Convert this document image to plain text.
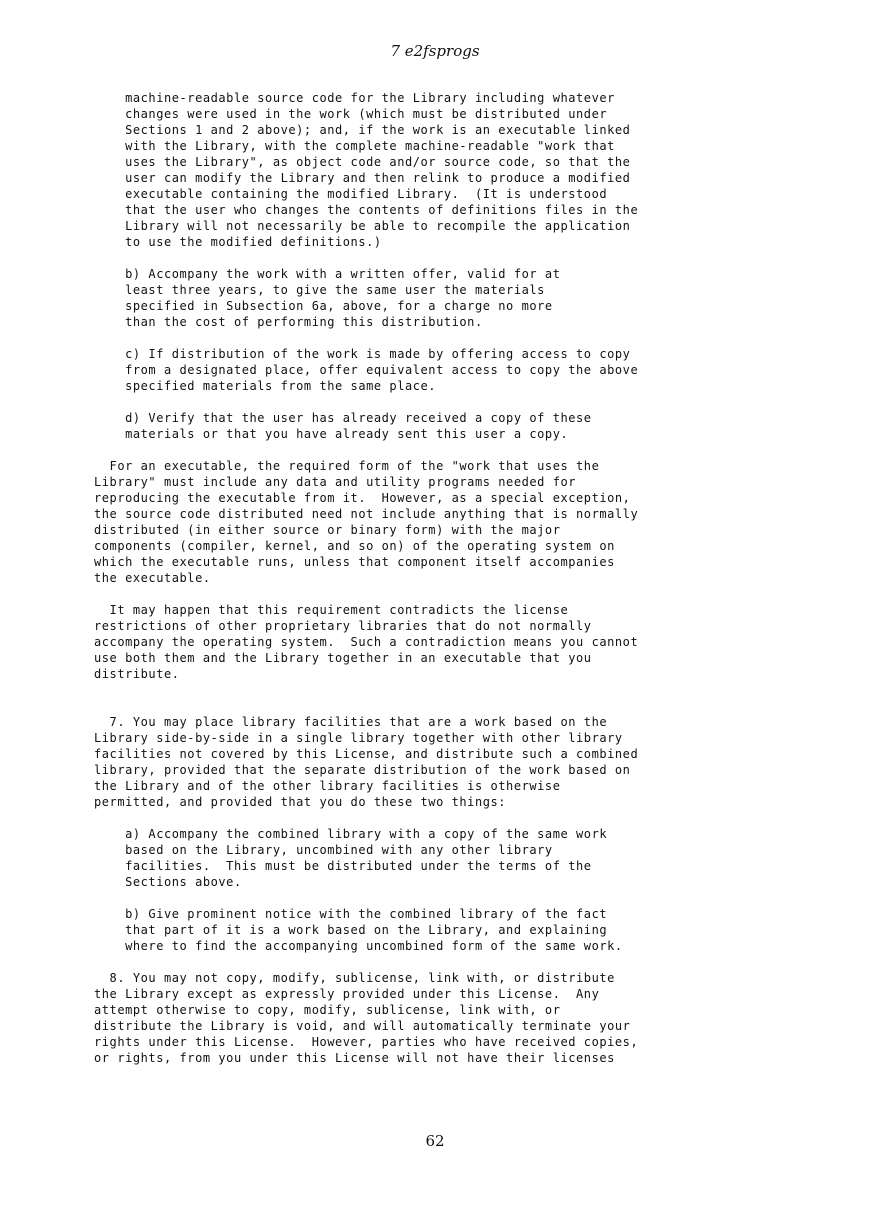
7 e2fsprogs
machine-readable source code for the Library including whatever
changes were used in the work (which must be distributed under
Sections 1 and 2 above); and, if the work is an executable linked
with the Library, with the complete machine-readable "work that
uses the Library", as object code and/or source code, so that the
user can modify the Library and then relink to produce a modified
executable containing the modified Library.  (It is understood
that the user who changes the contents of definitions files in the
Library will not necessarily be able to recompile the application
to use the modified definitions.)

b) Accompany the work with a written offer, valid for at
least three years, to give the same user the materials
specified in Subsection 6a, above, for a charge no more
than the cost of performing this distribution.

c) If distribution of the work is made by offering access to copy
from a designated place, offer equivalent access to copy the above
specified materials from the same place.

d) Verify that the user has already received a copy of these
materials or that you have already sent this user a copy.

For an executable, the required form of the "work that uses the
Library" must include any data and utility programs needed for
reproducing the executable from it.  However, as a special exception,
the source code distributed need not include anything that is normally
distributed (in either source or binary form) with the major
components (compiler, kernel, and so on) of the operating system on
which the executable runs, unless that component itself accompanies
the executable.

It may happen that this requirement contradicts the license
restrictions of other proprietary libraries that do not normally
accompany the operating system.  Such a contradiction means you cannot
use both them and the Library together in an executable that you
distribute.

7. You may place library facilities that are a work based on the
Library side-by-side in a single library together with other library
facilities not covered by this License, and distribute such a combined
library, provided that the separate distribution of the work based on
the Library and of the other library facilities is otherwise
permitted, and provided that you do these two things:

a) Accompany the combined library with a copy of the same work
based on the Library, uncombined with any other library
facilities.  This must be distributed under the terms of the
Sections above.

b) Give prominent notice with the combined library of the fact
that part of it is a work based on the Library, and explaining
where to find the accompanying uncombined form of the same work.

8. You may not copy, modify, sublicense, link with, or distribute
the Library except as expressly provided under this License.  Any
attempt otherwise to copy, modify, sublicense, link with, or
distribute the Library is void, and will automatically terminate your
rights under this License.  However, parties who have received copies,
or rights, from you under this License will not have their licenses
62
